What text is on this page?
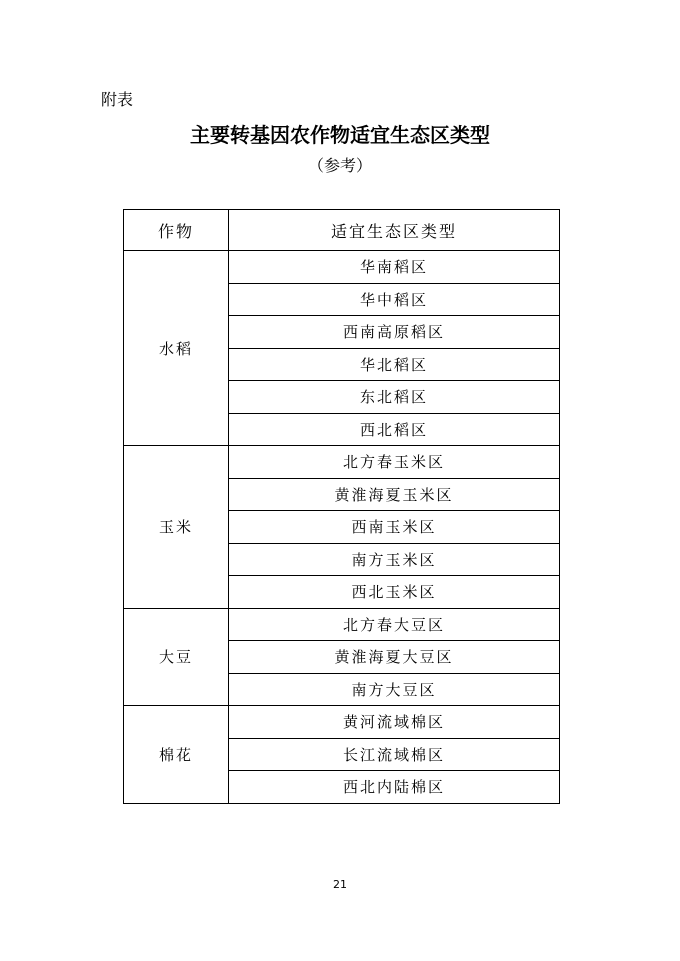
附表
主要转基因农作物适宜生态区类型
（参考）
作物	适宜生态区类型
水稻	华南稻区
	华中稻区
	西南高原稻区
	华北稻区
	东北稻区
	西北稻区
玉米	北方春玉米区
	黄淮海夏玉米区
	西南玉米区
	南方玉米区
	西北玉米区
大豆	北方春大豆区
	黄淮海夏大豆区
	南方大豆区
棉花	黄河流域棉区
	长江流域棉区
	西北内陆棉区
21
